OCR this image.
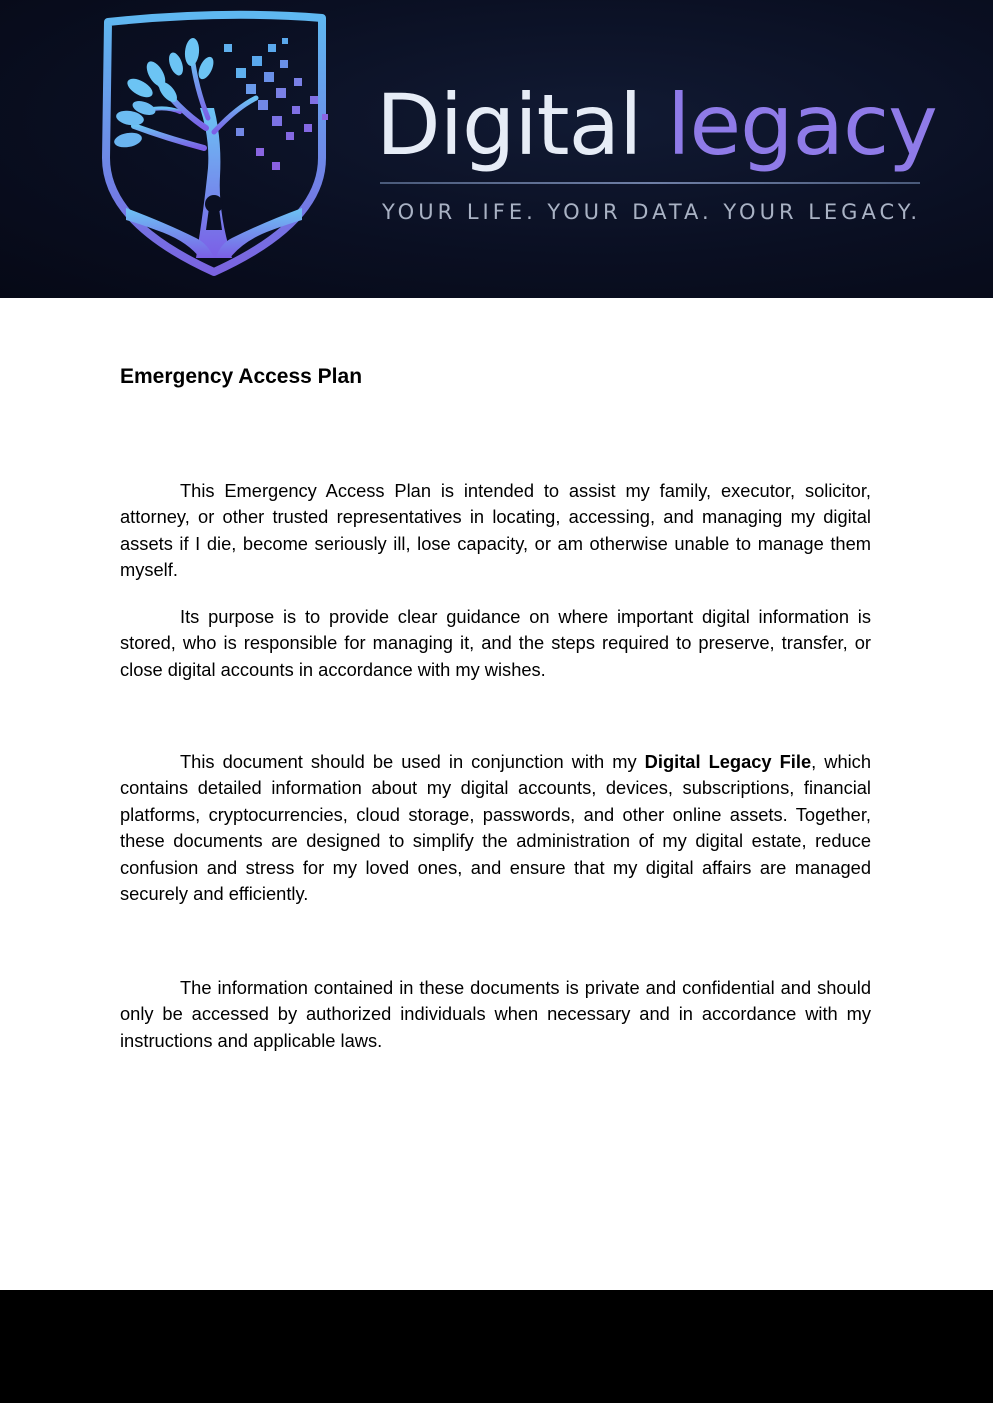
Digital legacy
YOUR LIFE. YOUR DATA. YOUR LEGACY.
Emergency Access Plan

This Emergency Access Plan is intended to assist my family, executor, solicitor, attorney, or other trusted representatives in locating, accessing, and managing my digital assets if I die, become seriously ill, lose capacity, or am otherwise unable to manage them myself.

Its purpose is to provide clear guidance on where important digital information is stored, who is responsible for managing it, and the steps required to preserve, transfer, or close digital accounts in accordance with my wishes.

This document should be used in conjunction with my Digital Legacy File, which contains detailed information about my digital accounts, devices, subscriptions, financial platforms, cryptocurrencies, cloud storage, passwords, and other online assets. Together, these documents are designed to simplify the administration of my digital estate, reduce confusion and stress for my loved ones, and ensure that my digital affairs are managed securely and efficiently.

The information contained in these documents is private and confidential and should only be accessed by authorized individuals when necessary and in accordance with my instructions and applicable laws.
